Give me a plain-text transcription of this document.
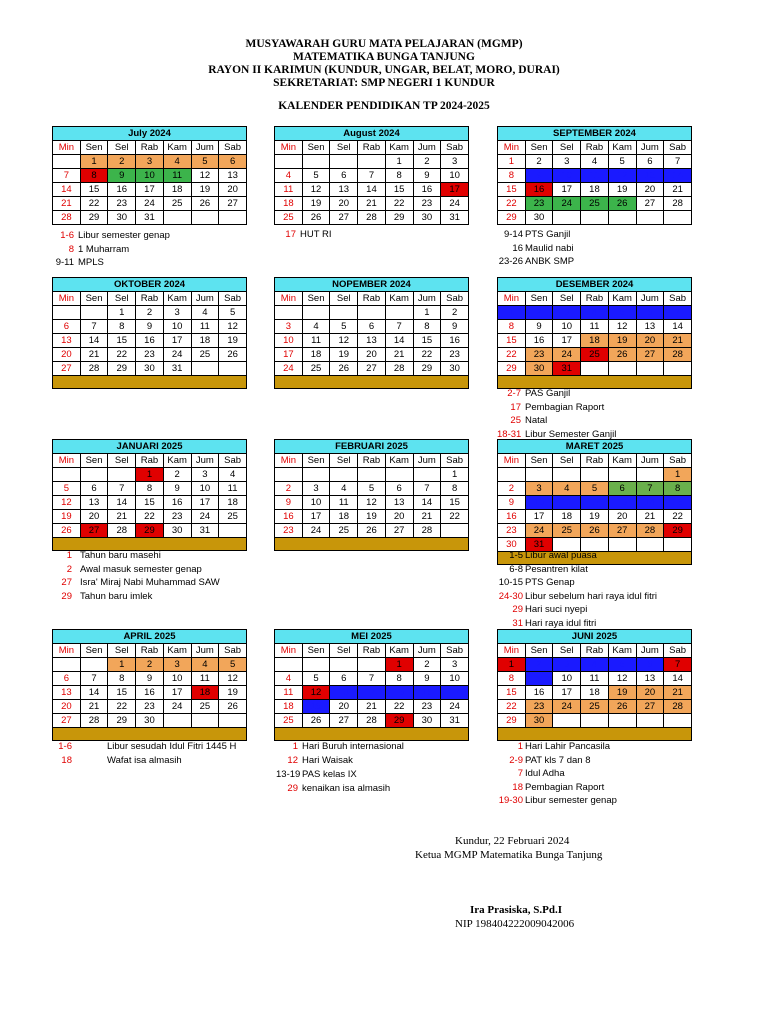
MUSYAWARAH GURU MATA PELAJARAN (MGMP)
MATEMATIKA BUNGA TANJUNG
RAYON II KARIMUN (KUNDUR, UNGAR, BELAT, MORO, DURAI)
SEKRETARIAT: SMP NEGERI 1 KUNDUR
KALENDER PENDIDIKAN TP 2024-2025
July 2024						
Min	Sen	Sel	Rab	Kam	Jum	Sab
	1	2	3	4	5	6
7	8	9	10	11	12	13
14	15	16	17	18	19	20
21	22	23	24	25	26	27
28	29	30	31			
August 2024						
Min	Sen	Sel	Rab	Kam	Jum	Sab
				1	2	3
4	5	6	7	8	9	10
11	12	13	14	15	16	17
18	19	20	21	22	23	24
25	26	27	28	29	30	31
SEPTEMBER 2024						
Min	Sen	Sel	Rab	Kam	Jum	Sab
1	2	3	4	5	6	7
8	9	10	11	12	13	14
15	16	17	18	19	20	21
22	23	24	25	26	27	28
29	30					
OKTOBER 2024						
Min	Sen	Sel	Rab	Kam	Jum	Sab
		1	2	3	4	5
6	7	8	9	10	11	12
13	14	15	16	17	18	19
20	21	22	23	24	25	26
27	28	29	30	31		

NOPEMBER 2024						
Min	Sen	Sel	Rab	Kam	Jum	Sab
					1	2
3	4	5	6	7	8	9
10	11	12	13	14	15	16
17	18	19	20	21	22	23
24	25	26	27	28	29	30

DESEMBER 2024						
Min	Sen	Sel	Rab	Kam	Jum	Sab
1	2	3	4	5	6	7
8	9	10	11	12	13	14
15	16	17	18	19	20	21
22	23	24	25	26	27	28
29	30	31				

JANUARI 2025						
Min	Sen	Sel	Rab	Kam	Jum	Sab
			1	2	3	4
5	6	7	8	9	10	11
12	13	14	15	16	17	18
19	20	21	22	23	24	25
26	27	28	29	30	31	

FEBRUARI 2025						
Min	Sen	Sel	Rab	Kam	Jum	Sab
						1
2	3	4	5	6	7	8
9	10	11	12	13	14	15
16	17	18	19	20	21	22
23	24	25	26	27	28	

MARET 2025						
Min	Sen	Sel	Rab	Kam	Jum	Sab
						1
2	3	4	5	6	7	8
9	10	11	12	13	14	15
16	17	18	19	20	21	22
23	24	25	26	27	28	29
30	31					

APRIL 2025						
Min	Sen	Sel	Rab	Kam	Jum	Sab
		1	2	3	4	5
6	7	8	9	10	11	12
13	14	15	16	17	18	19
20	21	22	23	24	25	26
27	28	29	30			

MEI 2025						
Min	Sen	Sel	Rab	Kam	Jum	Sab
				1	2	3
4	5	6	7	8	9	10
11	12	13	14	15	16	17
18	19	20	21	22	23	24
25	26	27	28	29	30	31

JUNI 2025						
Min	Sen	Sel	Rab	Kam	Jum	Sab
1	2	3	4	5	6	7
8	9	10	11	12	13	14
15	16	17	18	19	20	21
22	23	24	25	26	27	28
29	30					

1-6 Libur semester genap
8 1 Muharram
9-11 MPLS
17 HUT RI	9-14 PTS Ganjil
16 Maulid nabi
23-26 ANBK SMP
2-7 PAS Ganjil
17 Pembagian Raport
25 Natal
18-31 Libur Semester Ganjil
1 Tahun baru masehi
2 Awal masuk semester genap
27 Isra' Miraj Nabi Muhammad SAW
29 Tahun baru imlek
1-5 Libur awal puasa
6-8 Pesantren kilat
10-15 PTS Genap
24-30 Libur sebelum hari raya idul fitri
29 Hari suci nyepi
31 Hari raya idul fitri
1-6	Libur sesudah Idul Fitri 1445 H
18	Wafat isa almasih
1 Hari Buruh internasional
12 Hari Waisak
13-19 PAS kelas IX
29 kenaikan isa almasih
1 Hari Lahir Pancasila
2-9 PAT kls 7 dan 8
7 Idul Adha
18 Pembagian Raport
19-30 Libur semester genap
Kundur, 22 Februari 2024
Ketua MGMP Matematika Bunga Tanjung
Ira Prasiska, S.Pd.I
NIP 198404222009042006
